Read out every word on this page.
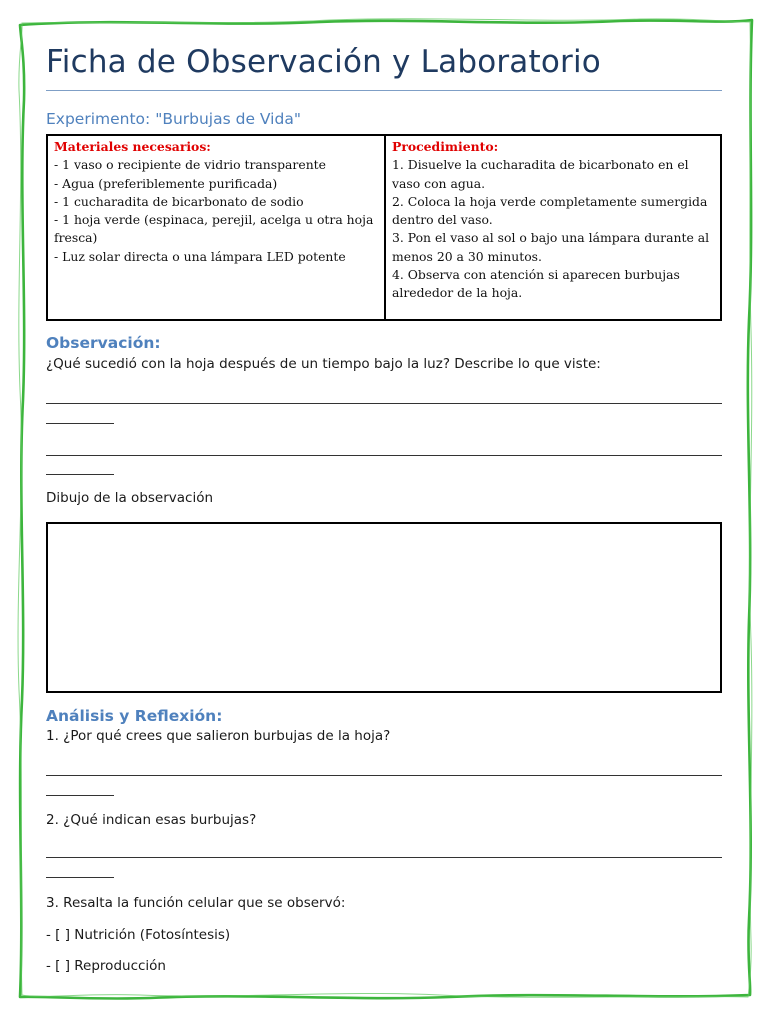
Ficha de Observación y Laboratorio
Experimento: "Burbujas de Vida"
Materiales necesarios:
- 1 vaso o recipiente de vidrio transparente
- Agua (preferiblemente purificada)
- 1 cucharadita de bicarbonato de sodio
- 1 hoja verde (espinaca, perejil, acelga u otra hoja fresca)
- Luz solar directa o una lámpara LED potente
Procedimiento:
1. Disuelve la cucharadita de bicarbonato en el vaso con agua.
2. Coloca la hoja verde completamente sumergida dentro del vaso.
3. Pon el vaso al sol o bajo una lámpara durante al menos 20 a 30 minutos.
4. Observa con atención si aparecen burbujas alrededor de la hoja.
Observación:
¿Qué sucedió con la hoja después de un tiempo bajo la luz? Describe lo que viste:
Dibujo de la observación
Análisis y Reflexión:
1. ¿Por qué crees que salieron burbujas de la hoja?
2. ¿Qué indican esas burbujas?
3. Resalta la función celular que se observó:
- [ ] Nutrición (Fotosíntesis)
- [ ] Reproducción
